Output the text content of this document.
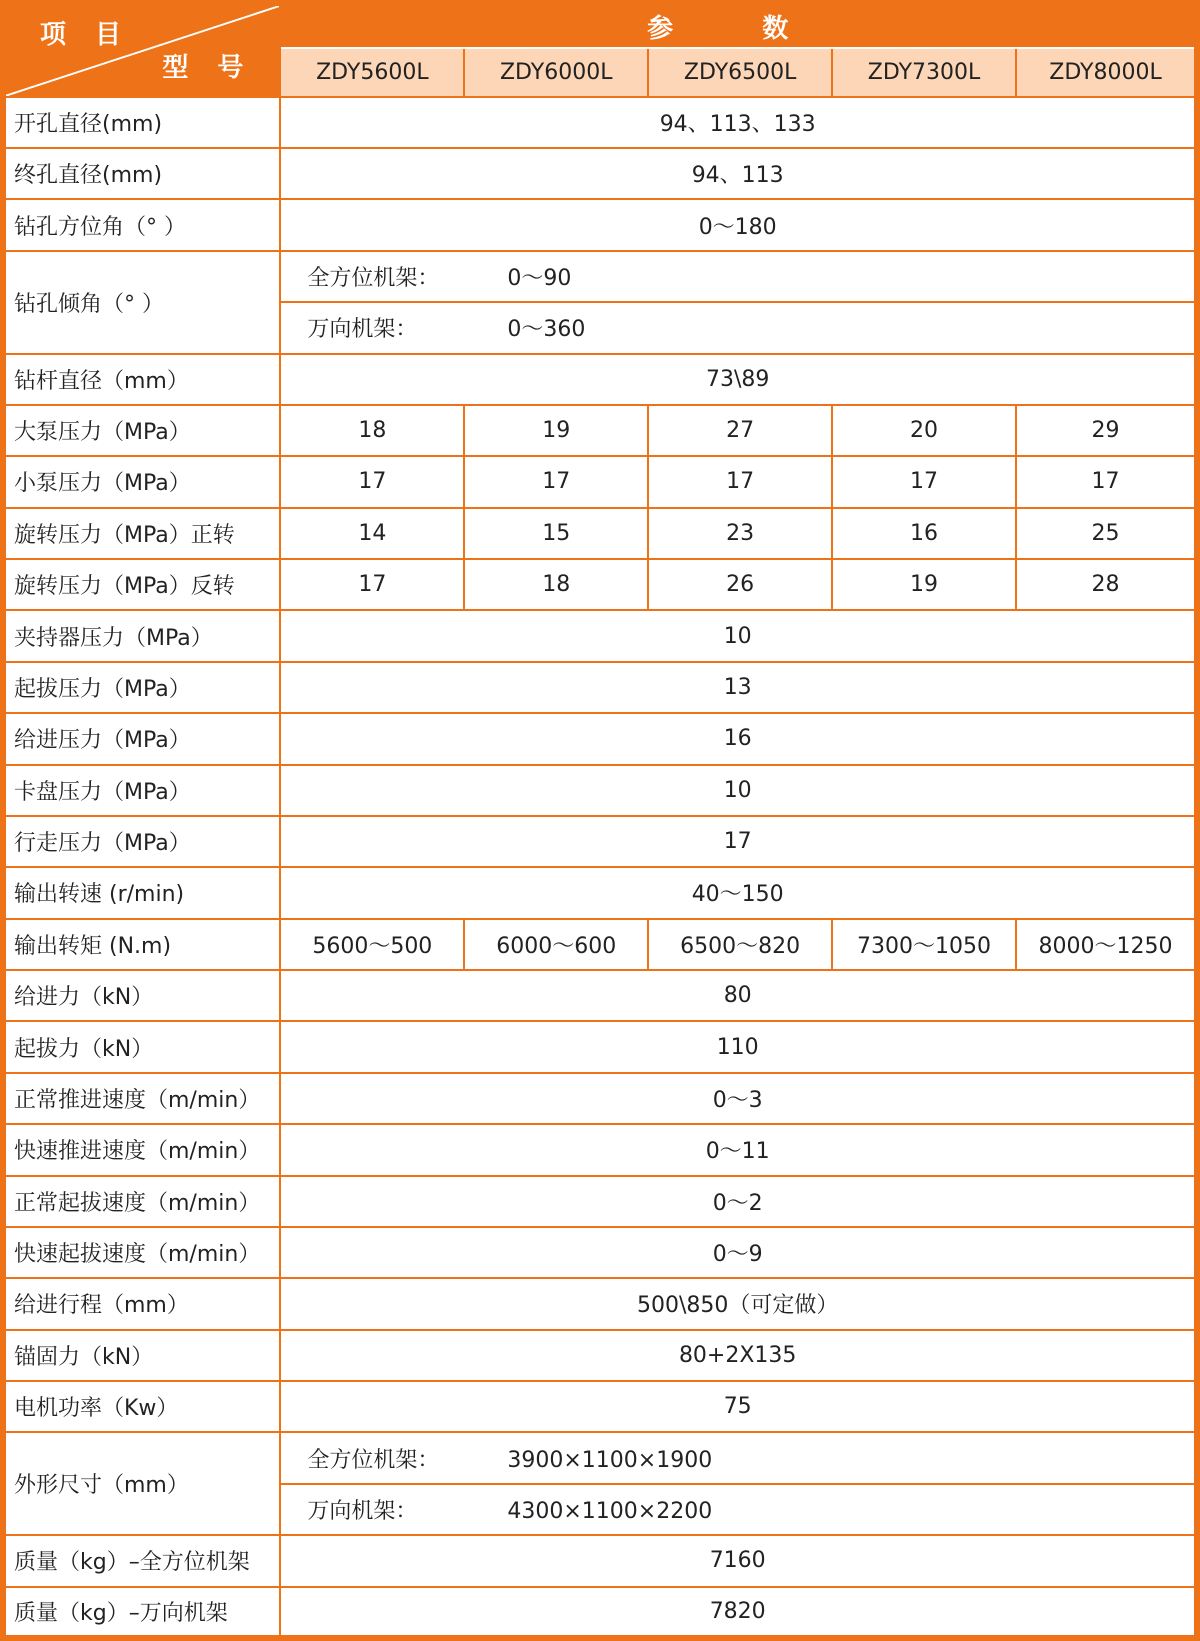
项 目
型 号	参 数				
	ZDY5600L	ZDY6000L	ZDY6500L	ZDY7300L	ZDY8000L
开孔直径(mm)	94、113、133				
终孔直径(mm)	94、113				
钻孔方位角（° ）	0～180				
钻孔倾角（° ）	全方位机架： 0～90				
	万向机架： 0～360				
钻杆直径（mm）	73\89				
大泵压力（MPa）	18	19	27	20	29
小泵压力（MPa）	17	17	17	17	17
旋转压力（MPa）正转	14	15	23	16	25
旋转压力（MPa）反转	17	18	26	19	28
夹持器压力（MPa）	10				
起拔压力（MPa）	13				
给进压力（MPa）	16				
卡盘压力（MPa）	10				
行走压力（MPa）	17				
输出转速 (r/min)	40～150				
输出转矩 (N.m)	5600～500	6000～600	6500～820	7300～1050	8000～1250
给进力（kN）	80				
起拔力（kN）	110				
正常推进速度（m/min）	0～3				
快速推进速度（m/min）	0～11				
正常起拔速度（m/min）	0～2				
快速起拔速度（m/min）	0～9				
给进行程（mm）	500\850（可定做）				
锚固力（kN）	80+2X135				
电机功率（Kw）	75				
外形尺寸（mm）	全方位机架： 3900×1100×1900				
	万向机架： 4300×1100×2200				
质量（kg）–全方位机架	7160				
质量（kg）–万向机架	7820				
